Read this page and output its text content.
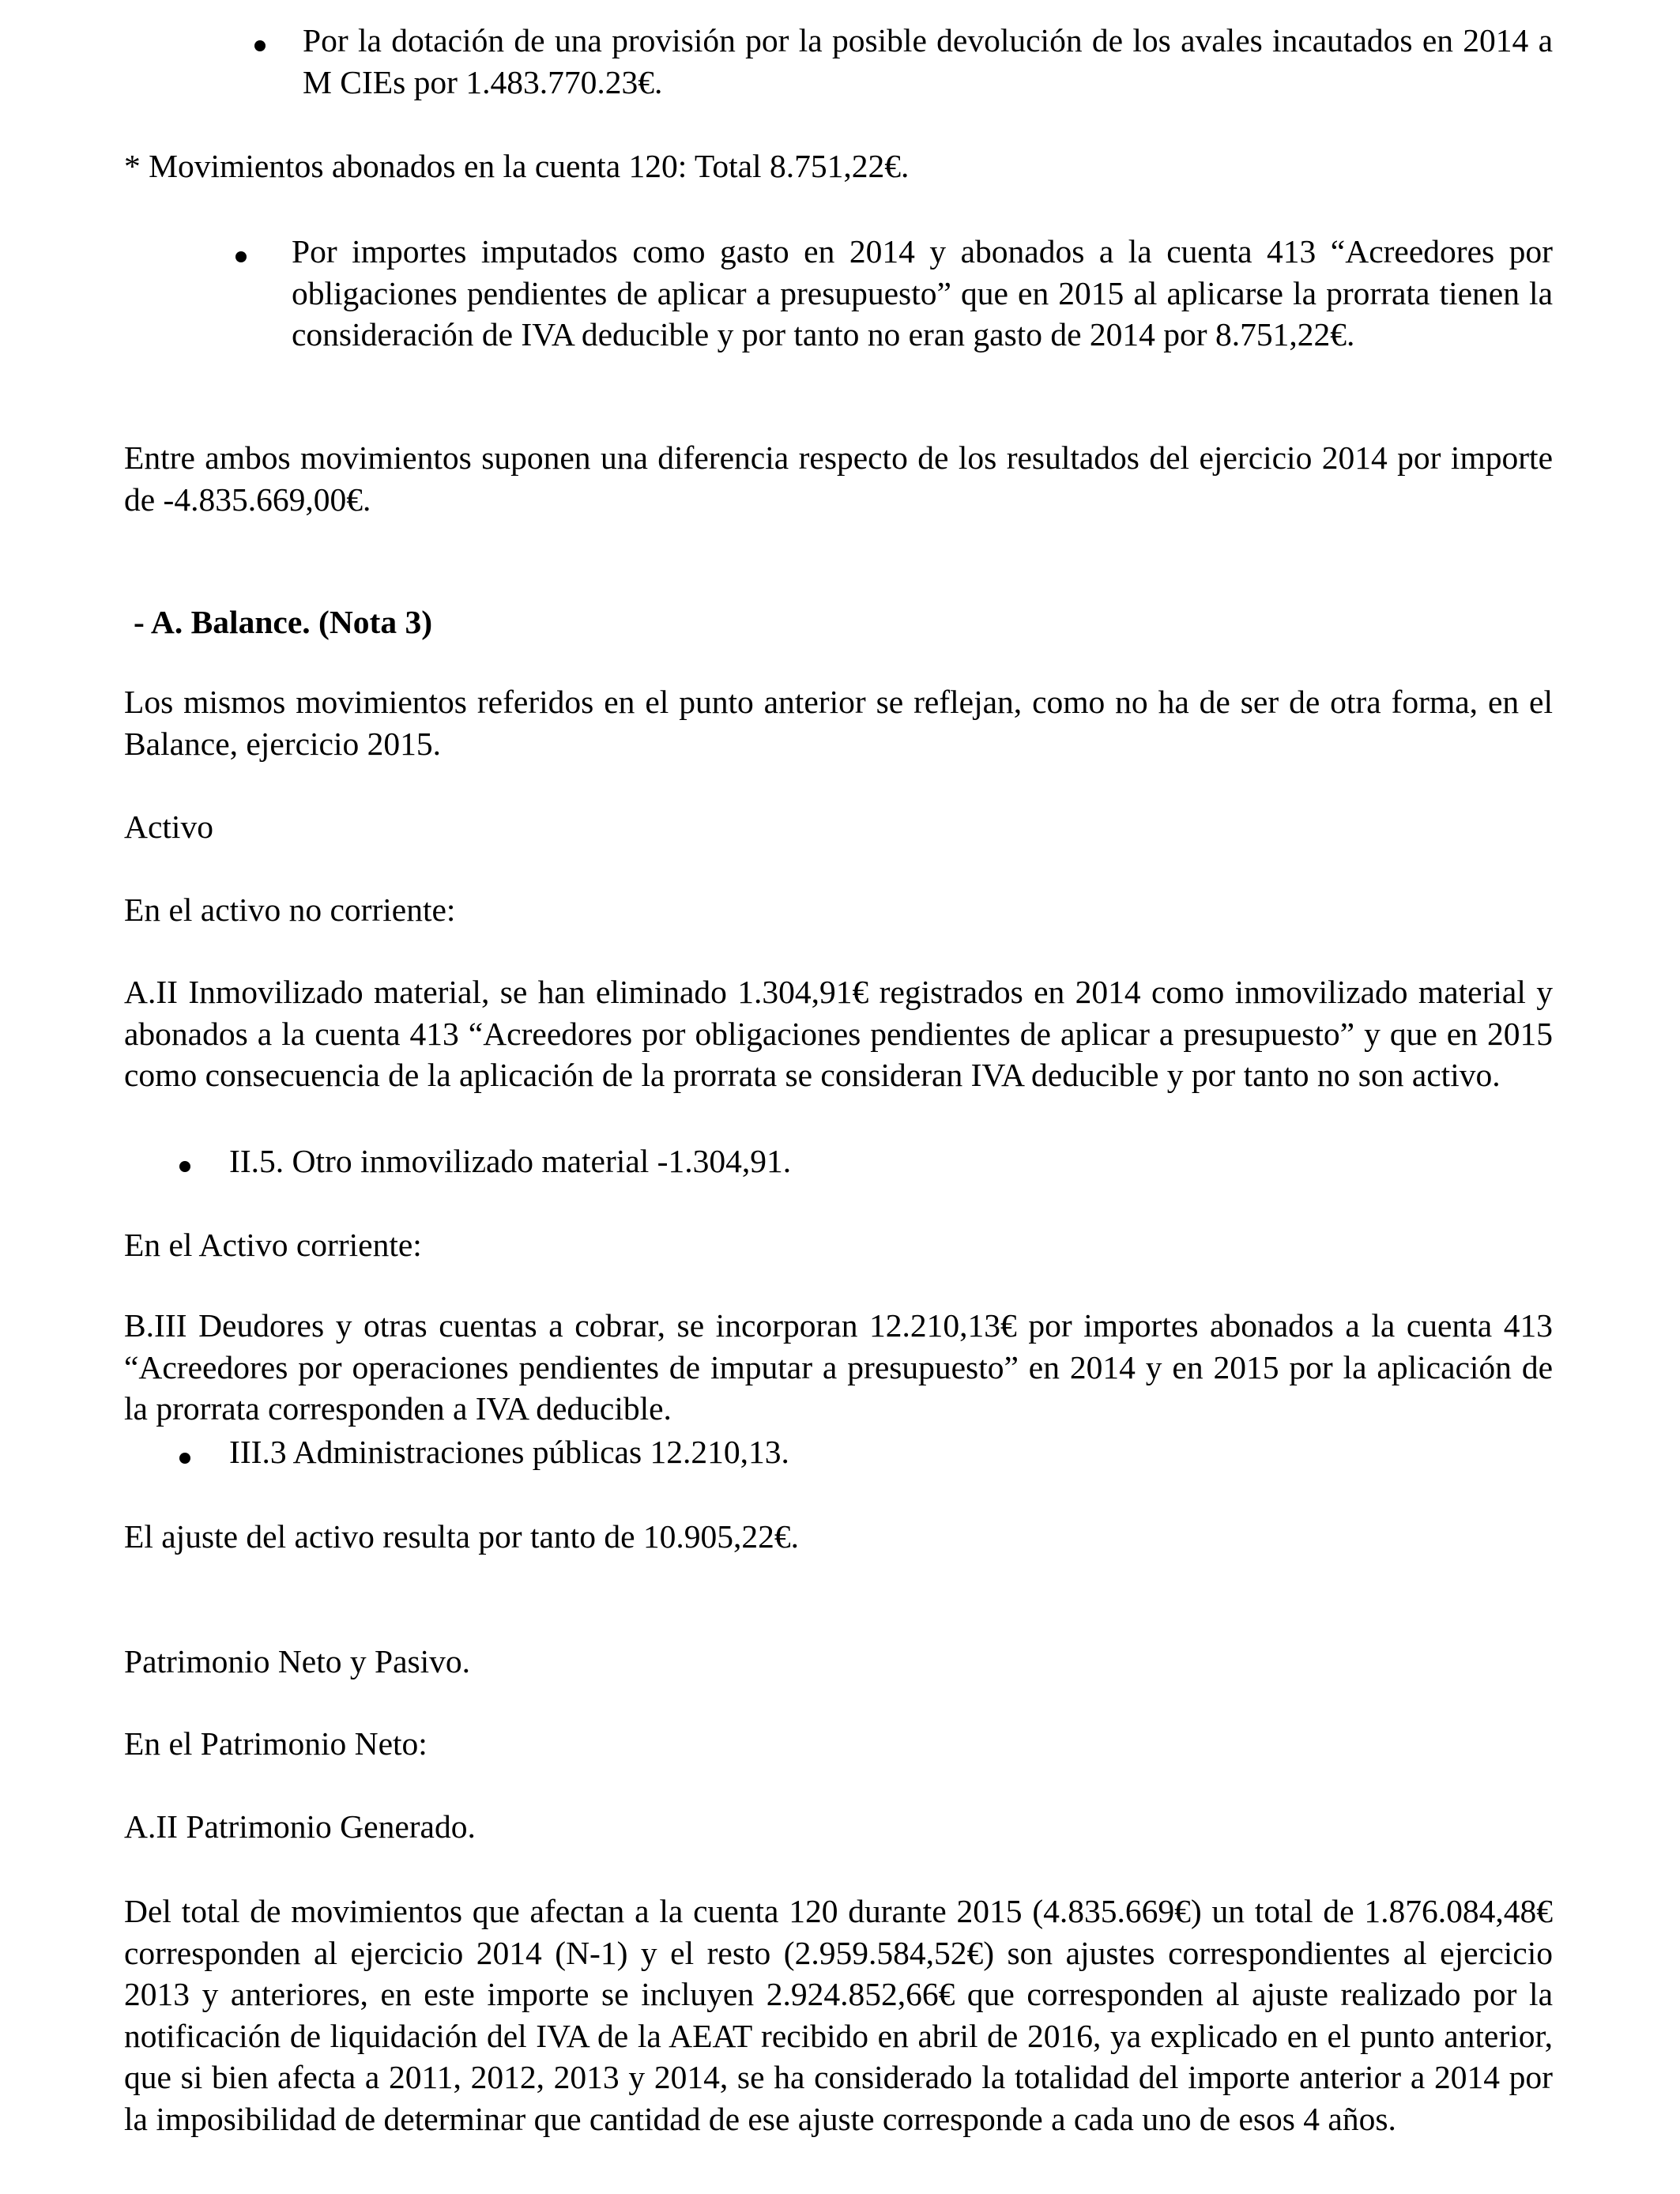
Por la dotación de una provisión por la posible devolución de los avales incautados en 2014 a M CIEs por 1.483.770.23€.

* Movimientos abonados en la cuenta 120: Total 8.751,22€.

Por importes imputados como gasto en 2014 y abonados a la cuenta 413 “Acreedores por obligaciones pendientes de aplicar a presupuesto” que en 2015 al aplicarse la prorrata tienen la consideración de IVA deducible y por tanto no eran gasto de 2014 por 8.751,22€.

Entre ambos movimientos suponen una diferencia respecto de los resultados del ejercicio 2014 por importe de -4.835.669,00€.

- A. Balance. (Nota 3)

Los mismos movimientos referidos en el punto anterior se reflejan, como no ha de ser de otra forma, en el Balance, ejercicio 2015.

Activo

En el activo no corriente:

A.II Inmovilizado material, se han eliminado 1.304,91€ registrados en 2014 como inmovilizado material y abonados a la cuenta 413 “Acreedores por obligaciones pendientes de aplicar a presupuesto” y que en 2015 como consecuencia de la aplicación de la prorrata se consideran IVA deducible y por tanto no son activo.

II.5. Otro inmovilizado material -1.304,91.

En el Activo corriente:

B.III Deudores y otras cuentas a cobrar, se incorporan 12.210,13€ por importes abonados a la cuenta 413 “Acreedores por operaciones pendientes de imputar a presupuesto” en 2014 y en 2015 por la aplicación de la prorrata corresponden a IVA deducible.

III.3 Administraciones públicas 12.210,13.

El ajuste del activo resulta por tanto de 10.905,22€.

Patrimonio Neto y Pasivo.

En el Patrimonio Neto:

A.II Patrimonio Generado.

Del total de movimientos que afectan a la cuenta 120 durante 2015 (4.835.669€) un total de 1.876.084,48€ corresponden al ejercicio 2014 (N-1) y el resto (2.959.584,52€) son ajustes correspondientes al ejercicio 2013 y anteriores, en este importe se incluyen 2.924.852,66€ que corresponden al ajuste realizado por la notificación de liquidación del IVA de la AEAT recibido en abril de 2016, ya explicado en el punto anterior, que si bien afecta a 2011, 2012, 2013 y 2014, se ha considerado la totalidad del importe anterior a 2014 por la imposibilidad de determinar que cantidad de ese ajuste corresponde a cada uno de esos 4 años.
